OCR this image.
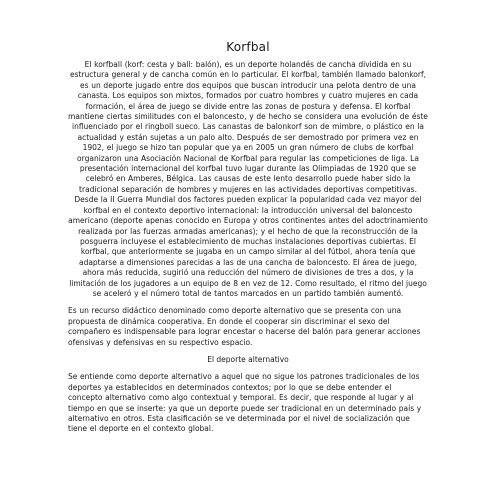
Korfbal

El korfball (korf: cesta y ball: balón), es un deporte holandés de cancha dividida en su estructura general y de cancha común en lo particular. El korfbal, también llamado balonkorf, es un deporte jugado entre dos equipos que buscan introducir una pelota dentro de una canasta. Los equipos son mixtos, formados por cuatro hombres y cuatro mujeres en cada formación, el área de juego se divide entre las zonas de postura y defensa. El korfbal mantiene ciertas similitudes con el baloncesto, y de hecho se considera una evolución de éste influenciado por el ringboll sueco. Las canastas de balonkorf son de mimbre, o plástico en la actualidad y están sujetas a un palo alto. Después de ser demostrado por primera vez en 1902, el juego se hizo tan popular que ya en 2005 un gran número de clubs de korfbal organizaron una Asociación Nacional de Korfbal para regular las competiciones de liga. La presentación internacional del korfbal tuvo lugar durante las Olimpiadas de 1920 que se celebró en Amberes, Bélgica. Las causas de este lento desarrollo puede haber sido la tradicional separación de hombres y mujeres en las actividades deportivas competitivas. Desde la II Guerra Mundial dos factores pueden explicar la popularidad cada vez mayor del korfbal en el contexto deportivo internacional: la introducción universal del baloncesto americano (deporte apenas conocido en Europa y otros continentes antes del adoctrinamiento realizada por las fuerzas armadas americanas); y el hecho de que la reconstrucción de la posguerra incluyese el establecimiento de muchas instalaciones deportivas cubiertas. El korfbal, que anteriormente se jugaba en un campo similar al del fútbol, ahora tenía que adaptarse a dimensiones parecidas a las de una cancha de baloncesto. El área de juego, ahora más reducida, sugirió una reducción del número de divisiones de tres a dos, y la limitación de los jugadores a un equipo de 8 en vez de 12. Como resultado, el ritmo del juego se aceleró y el número total de tantos marcados en un partido también aumentó.

Es un recurso didáctico denominado como deporte alternativo que se presenta con una propuesta de dinámica cooperativa. En donde el cooperar sin discriminar el sexo del compañero es indispensable para lograr encestar o hacerse del balón para generar acciones ofensivas y defensivas en su respectivo espacio.

El deporte alternativo

Se entiende como deporte alternativo a aquel que no sigue los patrones tradicionales de los deportes ya establecidos en determinados contextos; por lo que se debe entender el concepto alternativo como algo contextual y temporal. Es decir, que responde al lugar y al tiempo en que se inserte: ya que un deporte puede ser tradicional en un determinado país y alternativo en otros. Esta clasificación se ve determinada por el nivel de socialización que tiene el deporte en el contexto global.
